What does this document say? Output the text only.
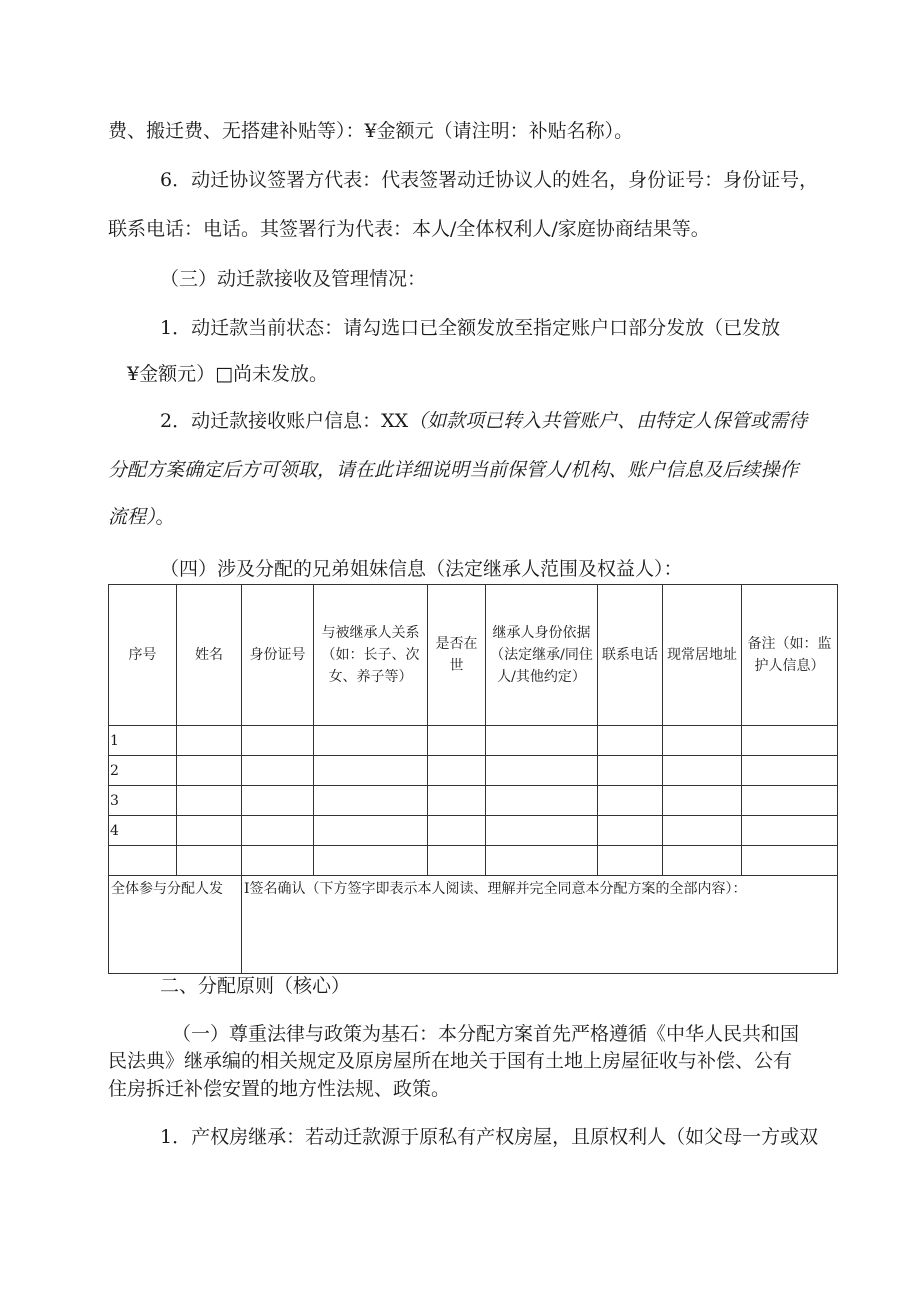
费、搬迁费、无搭建补贴等）：¥金额元（请注明：补贴名称）。
6．动迁协议签署方代表：代表签署动迁协议人的姓名，身份证号：身份证号，
联系电话：电话。其签署行为代表：本人/全体权利人/家庭协商结果等。
（三）动迁款接收及管理情况：
1．动迁款当前状态：请勾选口已全额发放至指定账户口部分发放（已发放
¥金额元）□尚未发放。
2．动迁款接收账户信息：XX（如款项已转入共管账户、由特定人保管或需待
分配方案确定后方可领取，请在此详细说明当前保管人/机构、账户信息及后续操作
流程）。
（四）涉及分配的兄弟姐妹信息（法定继承人范围及权益人）：
序号	姓名	身份证号	与被继承人关系（如：长子、次女、养子等）	是否在世	继承人身份依据（法定继承/同住人/其他约定）	联系电话	现常居地址	备注（如：监护人信息）
1								
2								
3								
4								

全体参与分配人发		I签名确认（下方签字即表示本人阅读、理解并完全同意本分配方案的全部内容）：						
二、分配原则（核心）
（一）尊重法律与政策为基石：本分配方案首先严格遵循《中华人民共和国
民法典》继承编的相关规定及原房屋所在地关于国有土地上房屋征收与补偿、公有
住房拆迁补偿安置的地方性法规、政策。
1．产权房继承：若动迁款源于原私有产权房屋，且原权利人（如父母一方或双
